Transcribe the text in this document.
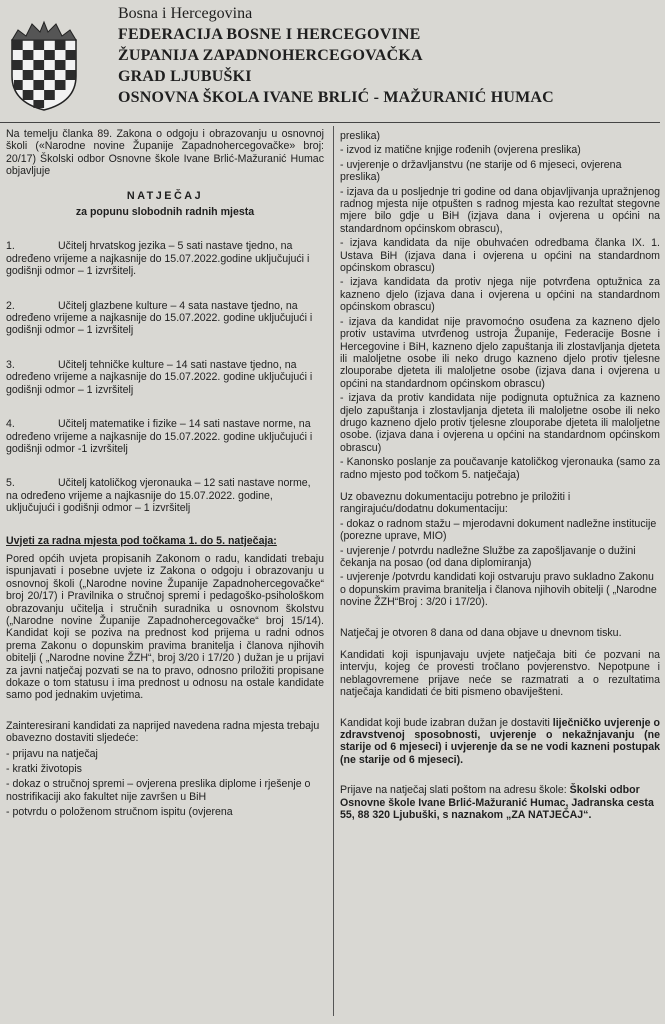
Bosna i Hercegovina
FEDERACIJA BOSNE I HERCEGOVINE
ŽUPANIJA ZAPADNOHERCEGOVAČKA
GRAD LJUBUŠKI
OSNOVNA ŠKOLA IVANE BRLIĆ - MAŽURANIĆ HUMAC

Na temelju članka 89. Zakona o odgoju i obrazovanju u osnovnoj školi («Narodne novine Županije Zapadnohercegovačke» broj: 20/17) Školski odbor Osnovne škole Ivane Brlić-Mažuranić Humac objavljuje

NATJEČAJ

za popunu slobodnih radnih mjesta

1.	Učitelj hrvatskog jezika – 5 sati nastave tjedno, na određeno vrijeme a najkasnije do 15.07.2022.godine uključujući i godišnji odmor – 1 izvršitelj.

2.	Učitelj glazbene kulture – 4 sata nastave tjedno, na određeno vrijeme a najkasnije do 15.07.2022. godine uključujući i godišnji odmor – 1 izvršitelj

3.	Učitelj tehničke kulture – 14 sati nastave tjedno, na određeno vrijeme a najkasnije do 15.07.2022. godine uključujući i godišnji odmor – 1 izvršitelj

4.	Učitelj matematike i fizike – 14 sati nastave norme, na određeno vrijeme a najkasnije do 15.07.2022. godine uključujući i godišnji odmor -1 izvršitelj

5.	Učitelj katoličkog vjeronauka – 12 sati nastave norme, na određeno vrijeme a najkasnije do 15.07.2022. godine, uključujući i godišnji odmor – 1 izvršitelj

Uvjeti za radna mjesta pod točkama 1. do 5. natječaja:

Pored općih uvjeta propisanih Zakonom o radu, kandidati trebaju ispunjavati i posebne uvjete iz Zakona o odgoju i obrazovanju u osnovnoj školi („Narodne novine Županije Zapadnohercegovačke“ broj 20/17) i Pravilnika o stručnoj spremi i pedagoško-psihološkom obrazovanju učitelja i stručnih suradnika u osnovnom školstvu („Narodne novine Županije Zapadnohercegovačke“ broj 15/14). Kandidat koji se poziva na prednost kod prijema u radni odnos prema Zakonu o dopunskim pravima branitelja i članova njihovih obitelji ( „Narodne novine ŽZH“, broj 3/20 i 17/20 ) dužan je u prijavi za javni natječaj pozvati se na to pravo, odnosno priložiti propisane dokaze o tom statusu i ima prednost u odnosu na ostale kandidate samo pod jednakim uvjetima.

Zainteresirani kandidati za naprijed navedena radna mjesta trebaju obavezno dostaviti sljedeće:

- prijavu na natječaj

- kratki životopis

- dokaz o stručnoj spremi – ovjerena preslika diplome i rješenje o nostrifikaciji ako fakultet nije završen u BiH

- potvrdu o položenom stručnom ispitu (ovjerena

preslika)

- izvod iz matične knjige rođenih (ovjerena preslika)

- uvjerenje o državljanstvu (ne starije od 6 mjeseci, ovjerena preslika)

- izjava da u posljednje tri godine od dana objavljivanja upražnjenog radnog mjesta nije otpušten s radnog mjesta kao rezultat stegovne mjere bilo gdje u BiH (izjava dana i ovjerena u općini na standardnom općinskom obrascu),

- izjava kandidata da nije obuhvaćen odredbama članka IX. 1. Ustava BiH (izjava dana i ovjerena u općini na standardnom općinskom obrascu)

- izjava kandidata da protiv njega nije potvrđena optužnica za kazneno djelo (izjava dana i ovjerena u općini na standardnom općinskom obrascu)

- izjava da kandidat nije pravomoćno osuđena za kazneno djelo protiv ustavima utvrđenog ustroja Županije, Federacije Bosne i Hercegovine i BiH, kazneno djelo zapuštanja ili zlostavljanja djeteta ili maloljetne osobe ili neko drugo kazneno djelo protiv tjelesne zlouporabe djeteta ili maloljetne osobe (izjava dana i ovjerena u općini na standardnom općinskom obrascu)

- izjava da protiv kandidata nije podignuta optužnica za kazneno djelo zapuštanja i zlostavljanja djeteta ili maloljetne osobe ili neko drugo kazneno djelo protiv tjelesne zlouporabe djeteta ili maloljetne osobe. (izjava dana i ovjerena u općini na standardnom općinskom obrascu)

- Kanonsko poslanje za poučavanje katoličkog vjeronauka (samo za radno mjesto pod točkom 5. natječaja)

Uz obaveznu dokumentaciju potrebno je priložiti i rangirajuću/dodatnu dokumentaciju:

- dokaz o radnom stažu – mjerodavni dokument nadležne institucije (porezne uprave, MIO)

- uvjerenje / potvrdu nadležne Službe za zapošljavanje o dužini čekanja na posao (od dana diplomiranja)

- uvjerenje /potvrdu kandidati koji ostvaruju pravo sukladno Zakonu o dopunskim pravima branitelja i članova njihovih obitelji ( „Narodne novine ŽZH“Broj : 3/20 i 17/20).

Natječaj je otvoren 8 dana od dana objave u dnevnom tisku.

Kandidati koji ispunjavaju uvjete natječaja biti će pozvani na intervju, kojeg će provesti tročlano povjerenstvo. Nepotpune i neblagovremene prijave neće se razmatrati a o rezultatima natječaja kandidati će biti pismeno obaviješteni.

Kandidat koji bude izabran dužan je dostaviti liječničko uvjerenje o zdravstvenoj sposobnosti, uvjerenje o nekažnjavanju (ne starije od 6 mjeseci) i uvjerenje da se ne vodi kazneni postupak (ne starije od 6 mjeseci).

Prijave na natječaj slati poštom na adresu škole: Školski odbor Osnovne škole Ivane Brlić-Mažuranić Humac, Jadranska cesta 55, 88 320 Ljubuški, s naznakom „ZA NATJEČAJ“.
